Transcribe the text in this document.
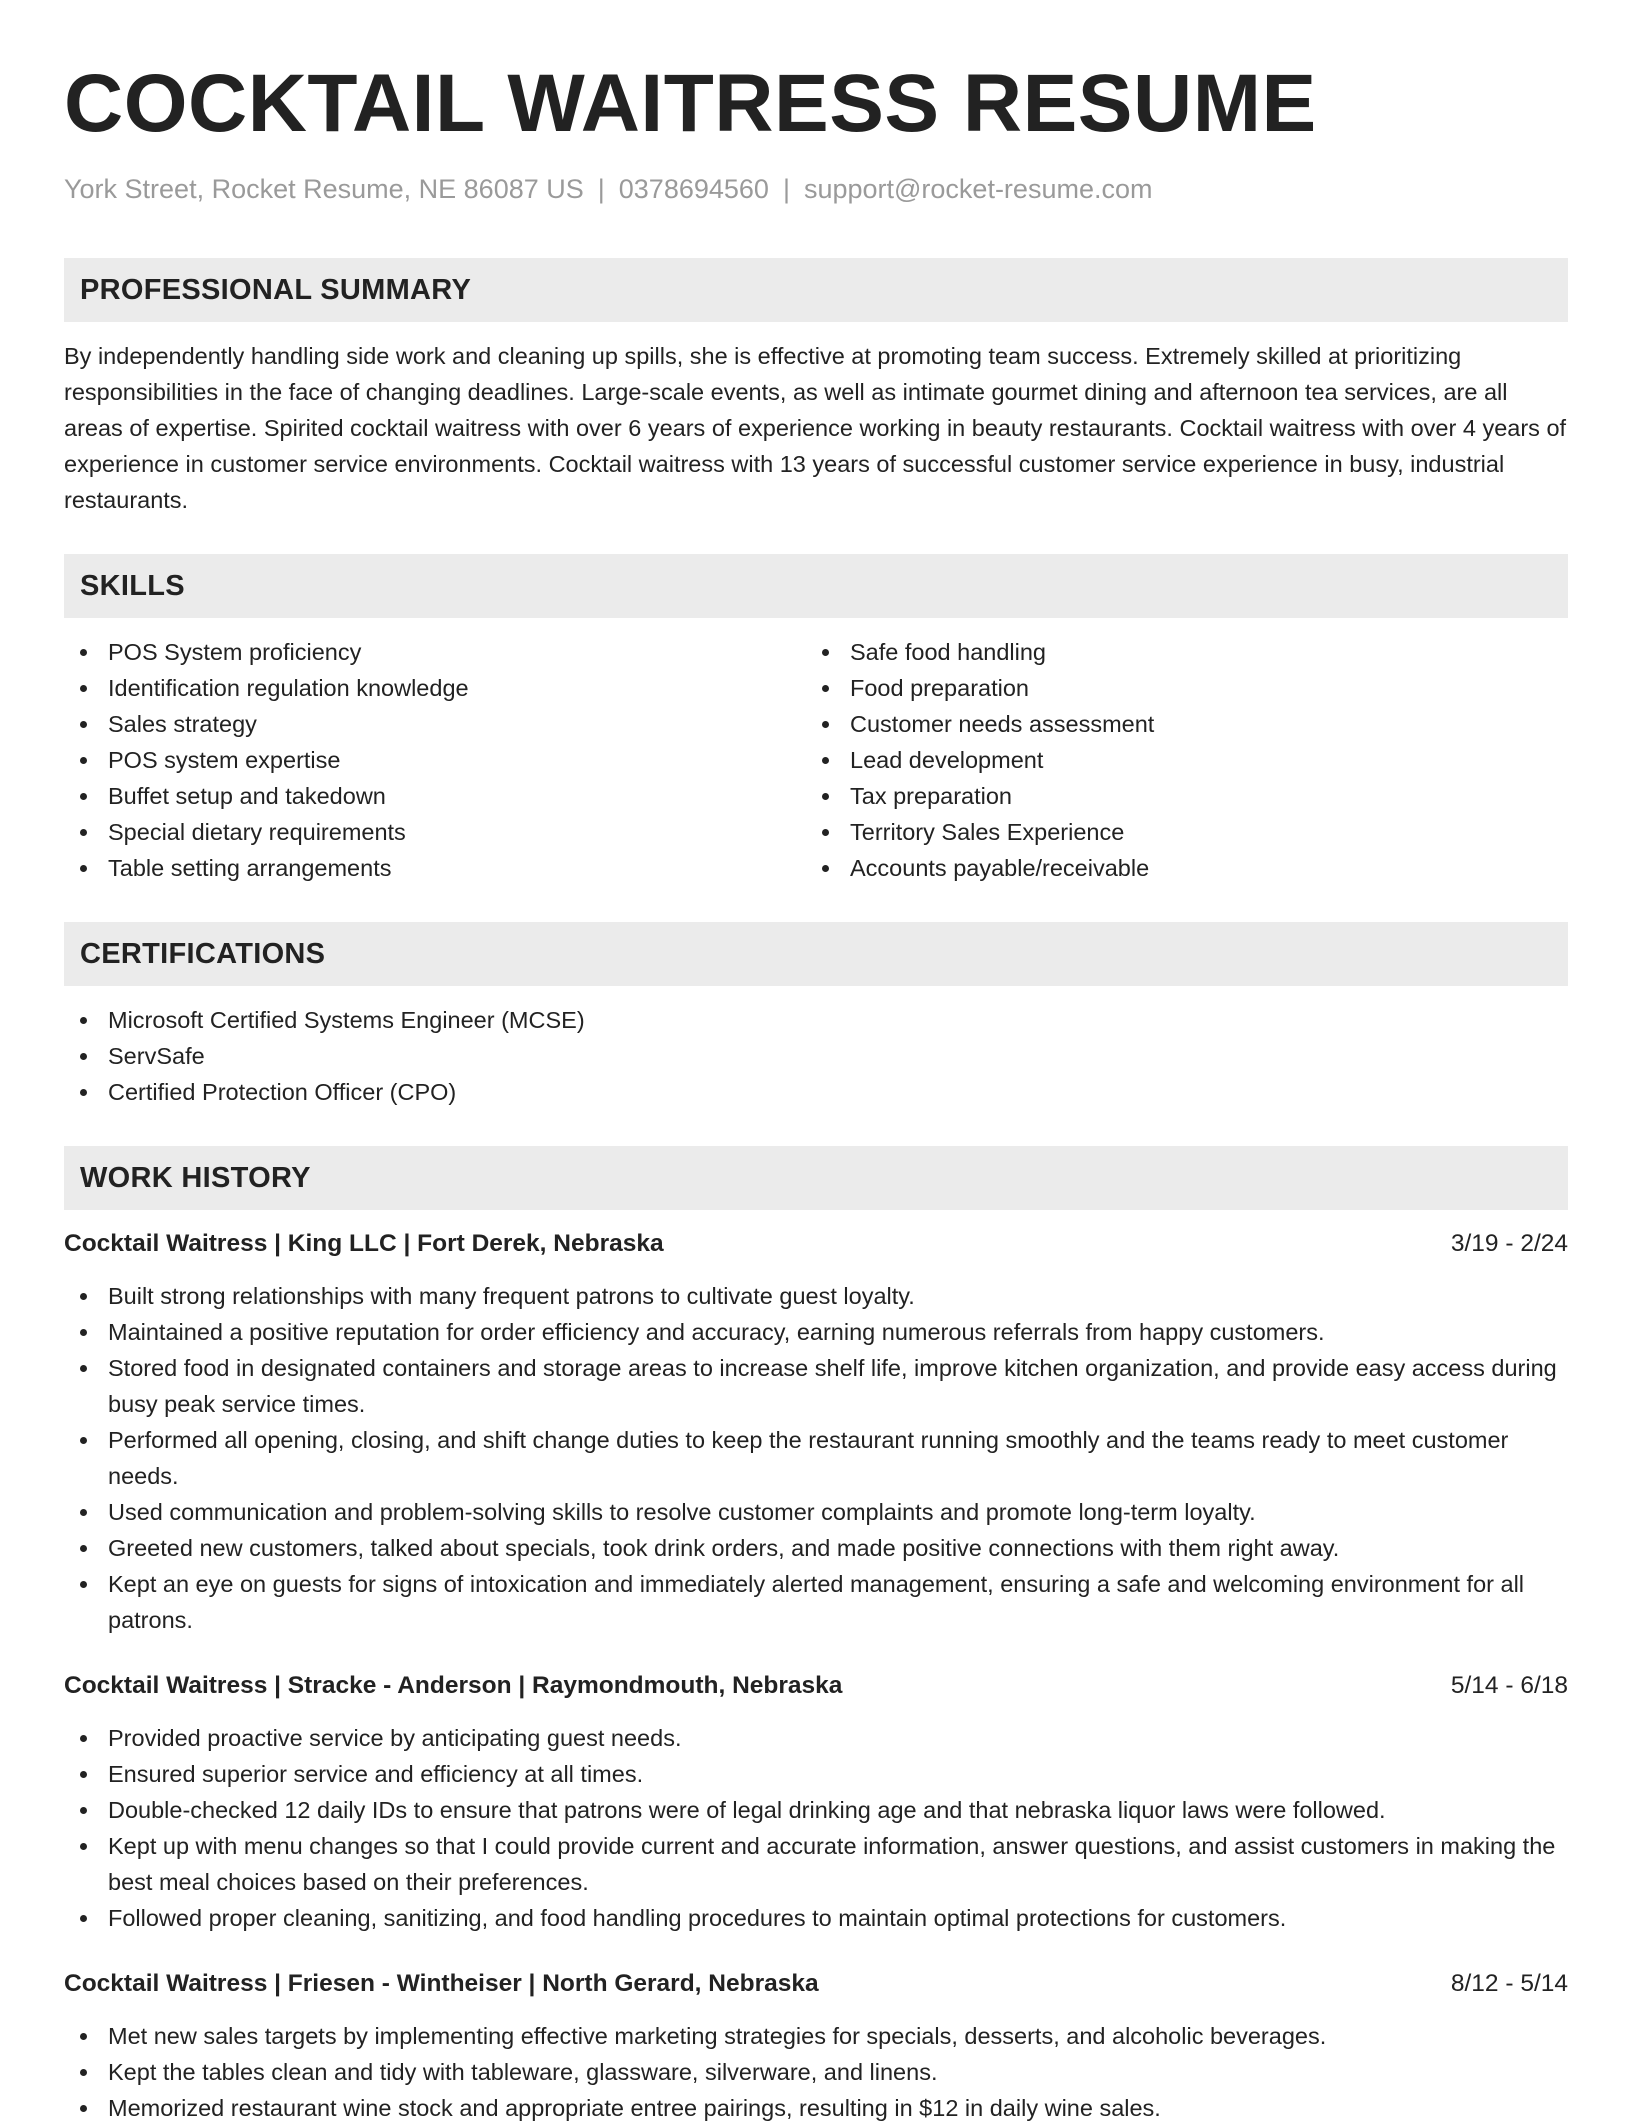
COCKTAIL WAITRESS RESUME
York Street, Rocket Resume, NE 86087 US | 0378694560 | support@rocket-resume.com
PROFESSIONAL SUMMARY

By independently handling side work and cleaning up spills, she is effective at promoting team success. Extremely skilled at prioritizing responsibilities in the face of changing deadlines. Large-scale events, as well as intimate gourmet dining and afternoon tea services, are all areas of expertise. Spirited cocktail waitress with over 6 years of experience working in beauty restaurants. Cocktail waitress with over 4 years of experience in customer service environments. Cocktail waitress with 13 years of successful customer service experience in busy, industrial restaurants.

SKILLS
POS System proficiency
Identification regulation knowledge
Sales strategy
POS system expertise
Buffet setup and takedown
Special dietary requirements
Table setting arrangements
Safe food handling
Food preparation
Customer needs assessment
Lead development
Tax preparation
Territory Sales Experience
Accounts payable/receivable
CERTIFICATIONS
Microsoft Certified Systems Engineer (MCSE)
ServSafe
Certified Protection Officer (CPO)
WORK HISTORY
Cocktail Waitress | King LLC | Fort Derek, Nebraska	3/19 - 2/24
Built strong relationships with many frequent patrons to cultivate guest loyalty.
Maintained a positive reputation for order efficiency and accuracy, earning numerous referrals from happy customers.
Stored food in designated containers and storage areas to increase shelf life, improve kitchen organization, and provide easy access during busy peak service times.
Performed all opening, closing, and shift change duties to keep the restaurant running smoothly and the teams ready to meet customer needs.
Used communication and problem-solving skills to resolve customer complaints and promote long-term loyalty.
Greeted new customers, talked about specials, took drink orders, and made positive connections with them right away.
Kept an eye on guests for signs of intoxication and immediately alerted management, ensuring a safe and welcoming environment for all patrons.
Cocktail Waitress | Stracke - Anderson | Raymondmouth, Nebraska	5/14 - 6/18
Provided proactive service by anticipating guest needs.
Ensured superior service and efficiency at all times.
Double-checked 12 daily IDs to ensure that patrons were of legal drinking age and that nebraska liquor laws were followed.
Kept up with menu changes so that I could provide current and accurate information, answer questions, and assist customers in making the best meal choices based on their preferences.
Followed proper cleaning, sanitizing, and food handling procedures to maintain optimal protections for customers.
Cocktail Waitress | Friesen - Wintheiser | North Gerard, Nebraska	8/12 - 5/14
Met new sales targets by implementing effective marketing strategies for specials, desserts, and alcoholic beverages.
Kept the tables clean and tidy with tableware, glassware, silverware, and linens.
Memorized restaurant wine stock and appropriate entree pairings, resulting in $12 in daily wine sales.
